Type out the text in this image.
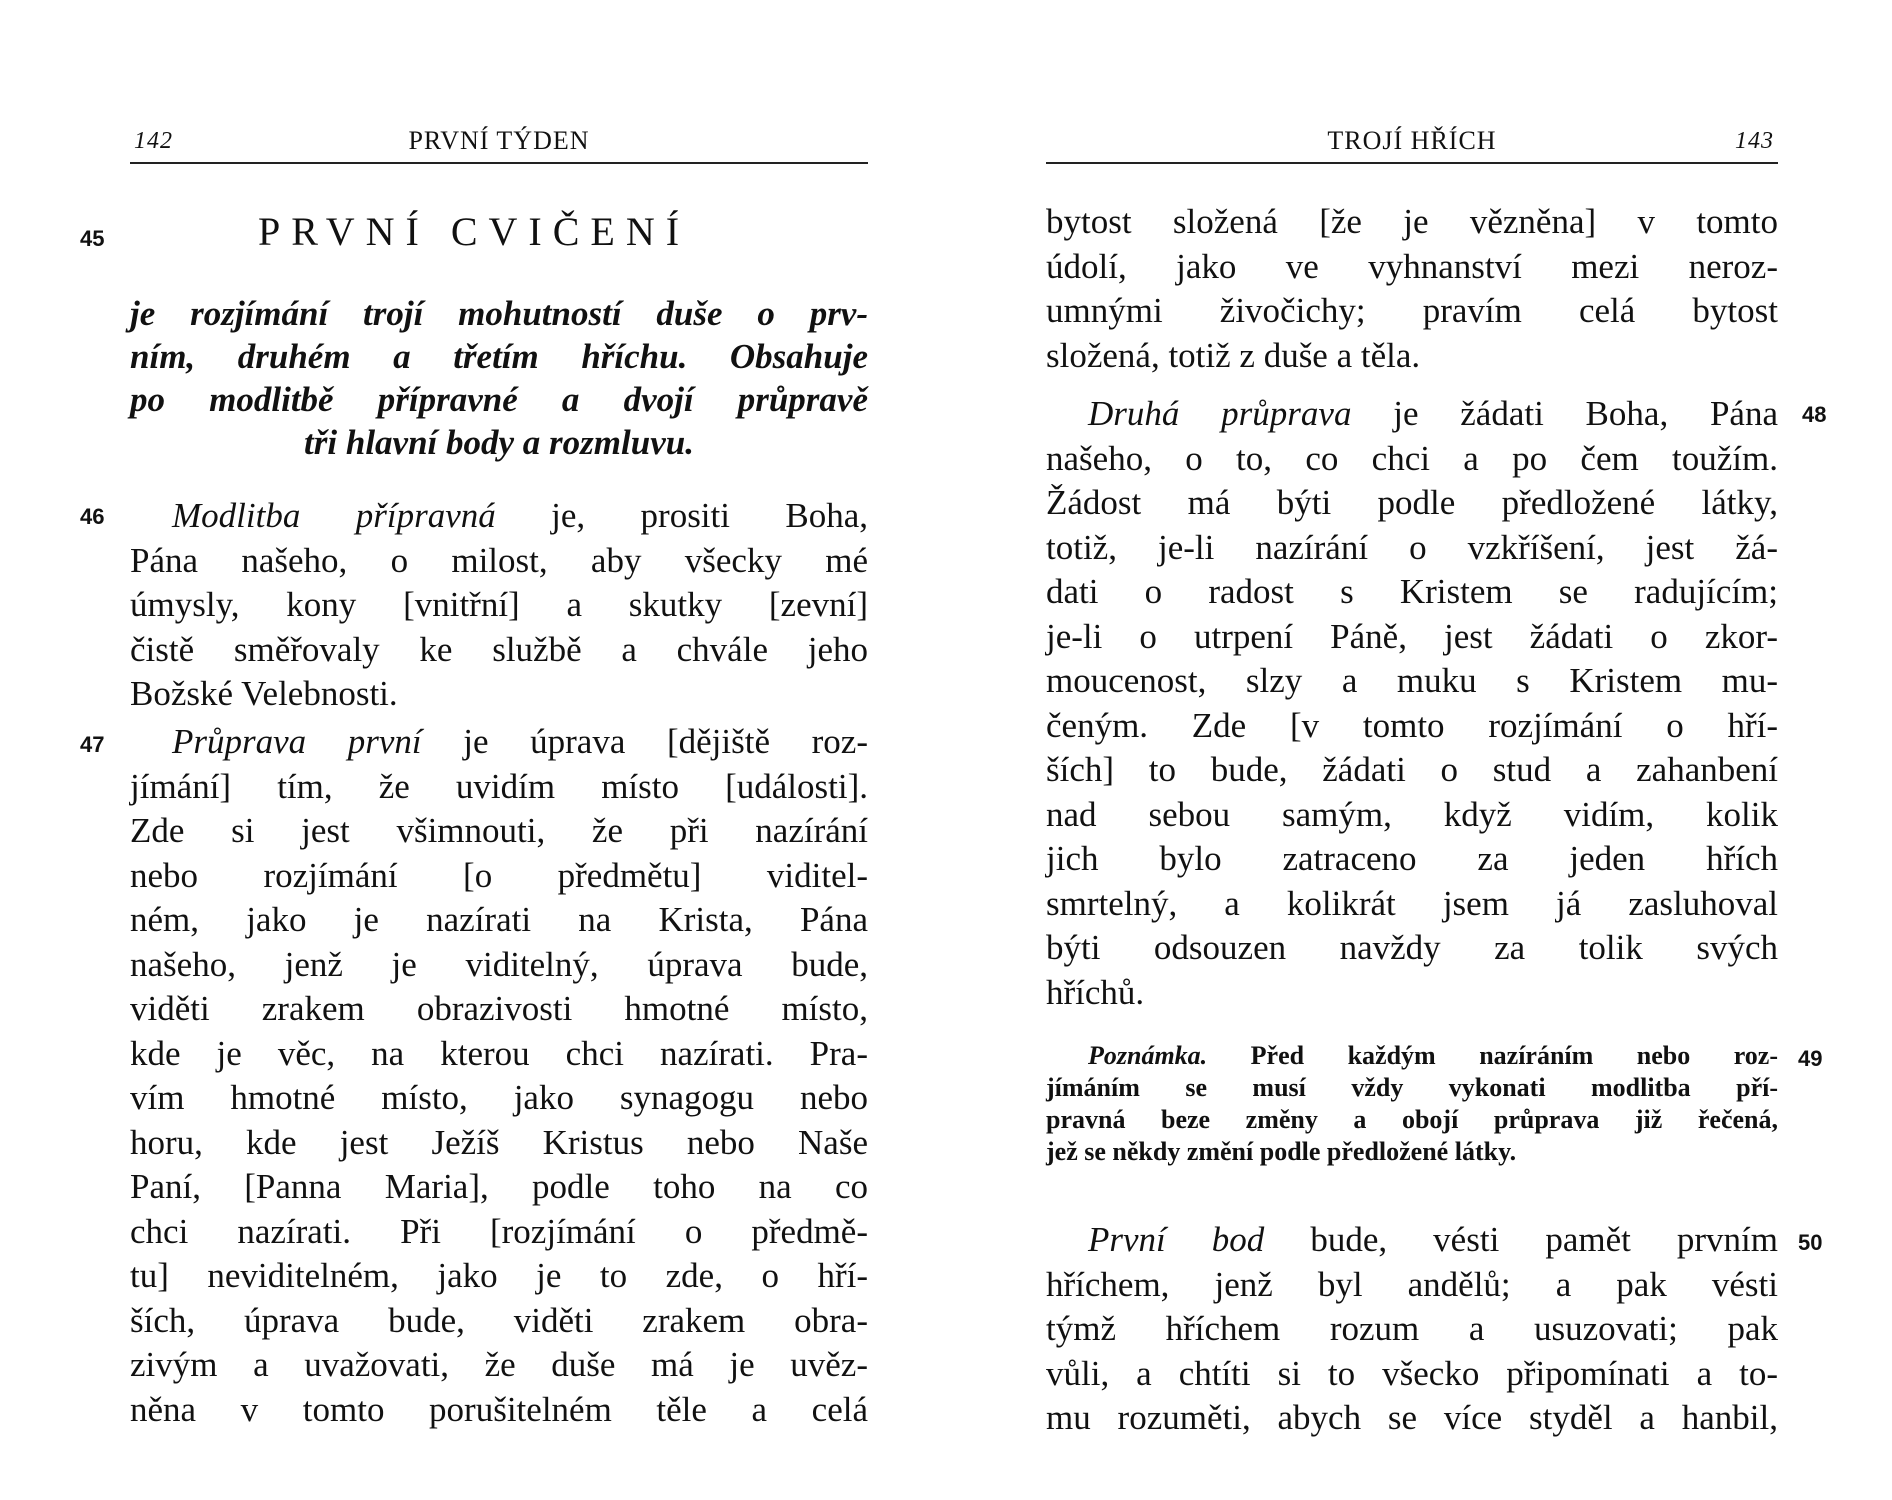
142	PRVNÍ TÝDEN
45	PRVNÍ CVIČENÍ
je rozjímání trojí mohutností duše o prv-
ním, druhém a třetím hříchu. Obsahuje
po modlitbě přípravné a dvojí průpravě
tři hlavní body a rozmluvu.
46	Modlitba přípravná je, prositi Boha,
Pána našeho, o milost, aby všecky mé
úmysly, kony [vnitřní] a skutky [zevní]
čistě směřovaly ke službě a chvále jeho
Božské Velebnosti.
47	Průprava první je úprava [dějiště roz-
jímání] tím, že uvidím místo [události].
Zde si jest všimnouti, že při nazírání
nebo rozjímání [o předmětu] viditel-
ném, jako je nazírati na Krista, Pána
našeho, jenž je viditelný, úprava bude,
viděti zrakem obrazivosti hmotné místo,
kde je věc, na kterou chci nazírati. Pra-
vím hmotné místo, jako synagogu nebo
horu, kde jest Ježíš Kristus nebo Naše
Paní, [Panna Maria], podle toho na co
chci nazírati. Při [rozjímání o předmě-
tu] neviditelném, jako je to zde, o hří-
ších, úprava bude, viděti zrakem obra-
zivým a uvažovati, že duše má je uvěz-
něna v tomto porušitelném těle a celá
TROJÍ HŘÍCH	143
bytost složená [že je vězněna] v tomto
údolí, jako ve vyhnanství mezi neroz-
umnými živočichy; pravím celá bytost
složená, totiž z duše a těla.
48
Druhá průprava je žádati Boha, Pána
našeho, o to, co chci a po čem toužím.
Žádost má býti podle předložené látky,
totiž, je-li nazírání o vzkříšení, jest žá-
dati o radost s Kristem se radujícím;
je-li o utrpení Páně, jest žádati o zkor-
moucenost, slzy a muku s Kristem mu-
čeným. Zde [v tomto rozjímání o hří-
ších] to bude, žádati o stud a zahanbení
nad sebou samým, když vidím, kolik
jich bylo zatraceno za jeden hřích
smrtelný, a kolikrát jsem já zasluhoval
býti odsouzen navždy za tolik svých
hříchů.
49
Poznámka. Před každým nazíráním nebo roz-
jímáním se musí vždy vykonati modlitba pří-
pravná beze změny a obojí průprava již řečená,
jež se někdy změní podle předložené látky.
50
První bod bude, vésti pamět prvním
hříchem, jenž byl andělů; a pak vésti
týmž hříchem rozum a usuzovati; pak
vůli, a chtíti si to všecko připomínati a to-
mu rozuměti, abych se více styděl a hanbil,
